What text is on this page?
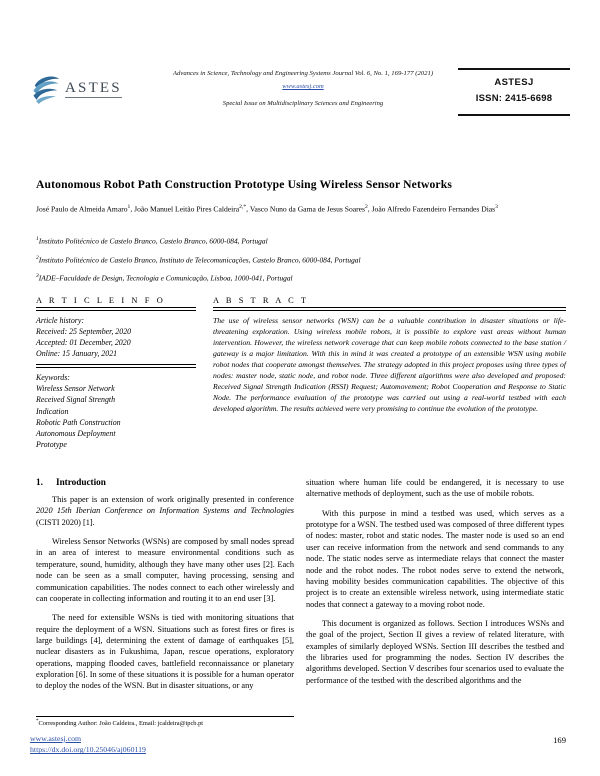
ASTES
Advances in Science, Technology and Engineering Systems Journal Vol. 6, No. 1, 169-177 (2021)
www.astesj.com
Special Issue on Multidisciplinary Sciences and Engineering
ASTESJ
ISSN: 2415-6698
Autonomous Robot Path Construction Prototype Using Wireless Sensor Networks
José Paulo de Almeida Amaro$^1$, João Manuel Leitão Pires Caldeira$^{2,*}$, Vasco Nuno da Gama de Jesus Soares$^2$, João Alfredo Fazendeiro Fernandes Dias$^3$
$^1$Instituto Politécnico de Castelo Branco, Castelo Branco, 6000-084, Portugal
$^2$Instituto Politécnico de Castelo Branco, Instituto de Telecomunicações, Castelo Branco, 6000-084, Portugal
$^3$IADE–Faculdade de Design, Tecnologia e Comunicação, Lisboa, 1000-041, Portugal
A R T I C L E I N F O
Article history:
Received: 25 September, 2020
Accepted: 01 December, 2020
Online: 15 January, 2021
Keywords:
Wireless Sensor Network
Received Signal Strength
Indication
Robotic Path Construction
Autonomous Deployment
Prototype
A B S T R A C T
The use of wireless sensor networks (WSN) can be a valuable contribution in disaster situations or life-threatening exploration. Using wireless mobile robots, it is possible to explore vast areas without human intervention. However, the wireless network coverage that can keep mobile robots connected to the base station / gateway is a major limitation. With this in mind it was created a prototype of an extensible WSN using mobile robot nodes that cooperate amongst themselves. The strategy adopted in this project proposes using three types of nodes: master node, static node, and robot node. Three different algorithms were also developed and proposed: Received Signal Strength Indication (RSSI) Request; Automovement; Robot Cooperation and Response to Static Node. The performance evaluation of the prototype was carried out using a real-world testbed with each developed algorithm. The results achieved were very promising to continue the evolution of the prototype.
1. Introduction

This paper is an extension of work originally presented in conference 2020 15th Iberian Conference on Information Systems and Technologies (CISTI 2020) [1].

Wireless Sensor Networks (WSNs) are composed by small nodes spread in an area of interest to measure environmental conditions such as temperature, sound, humidity, although they have many other uses [2]. Each node can be seen as a small computer, having processing, sensing and communication capabilities. The nodes connect to each other wirelessly and can cooperate in collecting information and routing it to an end user [3].

The need for extensible WSNs is tied with monitoring situations that require the deployment of a WSN. Situations such as forest fires or fires is large buildings [4], determining the extent of damage of earthquakes [5], nuclear disasters as in Fukushima, Japan, rescue operations, exploratory operations, mapping flooded caves, battlefield reconnaissance or planetary exploration [6]. In some of these situations it is possible for a human operator to deploy the nodes of the WSN. But in disaster situations, or any

situation where human life could be endangered, it is necessary to use alternative methods of deployment, such as the use of mobile robots.

With this purpose in mind a testbed was used, which serves as a prototype for a WSN. The testbed used was composed of three different types of nodes: master, robot and static nodes. The master node is used so an end user can receive information from the network and send commands to any node. The static nodes serve as intermediate relays that connect the master node and the robot nodes. The robot nodes serve to extend the network, having mobility besides communication capabilities. The objective of this project is to create an extensible wireless network, using intermediate static nodes that connect a gateway to a moving robot node.

This document is organized as follows. Section I introduces WSNs and the goal of the project, Section II gives a review of related literature, with examples of similarly deployed WSNs. Section III describes the testbed and the libraries used for programming the nodes. Section IV describes the algorithms developed. Section V describes four scenarios used to evaluate the performance of the testbed with the described algorithms and the

*Corresponding Author: João Caldeira., Email: jcaldeira@ipcb.pt
www.astesj.com
https://dx.doi.org/10.25046/aj060119
169
